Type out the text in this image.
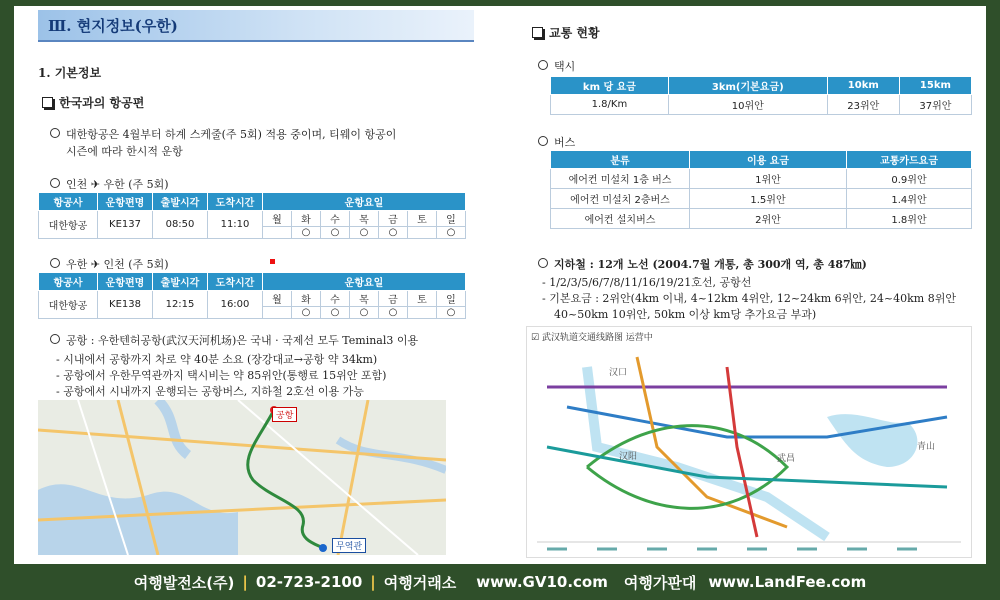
Ⅲ. 현지정보(우한)
1. 기본정보
한국과의 항공편
대한항공은 4월부터 하계 스케줄(주 5회) 적용 중이며, 티웨이 항공이
시즌에 따라 한시적 운항
인천 ✈ 우한 (주 5회)
항공사	운항편명	출발시각	도착시간	운항요일						
대한항공	KE137	08:50	11:10	월	화	수	목	금	토	일
					○	○	○	○		○
우한 ✈ 인천 (주 5회)
항공사	운항편명	출발시각	도착시간	운항요일						
대한항공	KE138	12:15	16:00	월	화	수	목	금	토	일
					○	○	○	○		○
공항 : 우한텐허공항(武汉天河机场)은 국내 · 국제선 모두 Teminal3 이용
- 시내에서 공항까지 차로 약 40분 소요 (장강대교→공항 약 34km)
- 공항에서 우한무역관까지 택시비는 약 85위안(통행료 15위안 포함)
- 공항에서 시내까지 운행되는 공항버스, 지하철 2호선 이용 가능
공항
무역관
교통 현황
택시
km 당 요금	3km(기본요금)	10km	15km
1.8/Km	10위안	23위안	37위안
버스
분류	이용 요금	교통카드요금
에어컨 미설치 1층 버스	1위안	0.9위안
에어컨 미설치 2층버스	1.5위안	1.4위안
에어컨 설치버스	2위안	1.8위안
지하철 : 12개 노선 (2004.7월 개통, 총 300개 역, 총 487㎞)
- 1/2/3/5/6/7/8/11/16/19/21호선, 공항선
- 기본요금 : 2위안(4km 이내, 4~12km 4위안, 12~24km 6위안, 24~40km 8위안
40~50km 10위안, 50km 이상 km당 추가요금 부과)
☑ 武汉轨道交通线路图 运营中
汉口
汉阳	武昌
青山
여행발전소(주) | 02-723-2100 | 여행거래소 www.GV10.com 여행가판대 www.LandFee.com
